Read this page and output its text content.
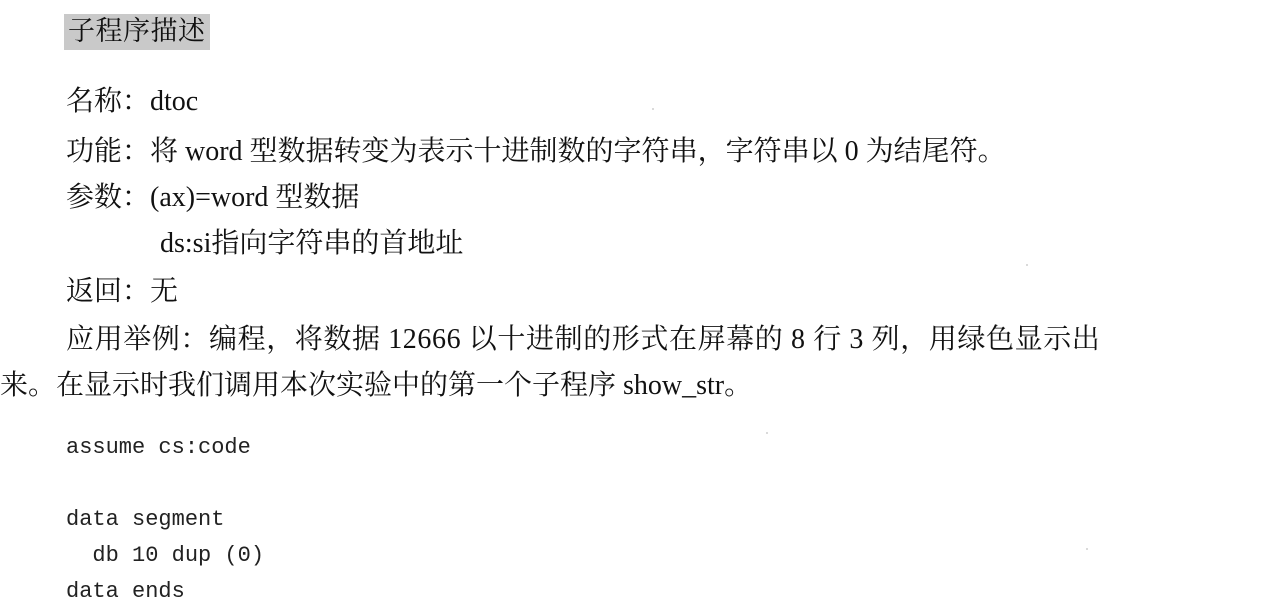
子程序描述
名称：dtoc
功能：将 word 型数据转变为表示十进制数的字符串，字符串以 0 为结尾符。
参数：(ax)=word 型数据
ds:si指向字符串的首地址
返回：无
应用举例：编程，将数据 12666 以十进制的形式在屏幕的 8 行 3 列，用绿色显示出
来。在显示时我们调用本次实验中的第一个子程序 show_str。
assume cs:code
data segment
db 10 dup (0)
data ends
